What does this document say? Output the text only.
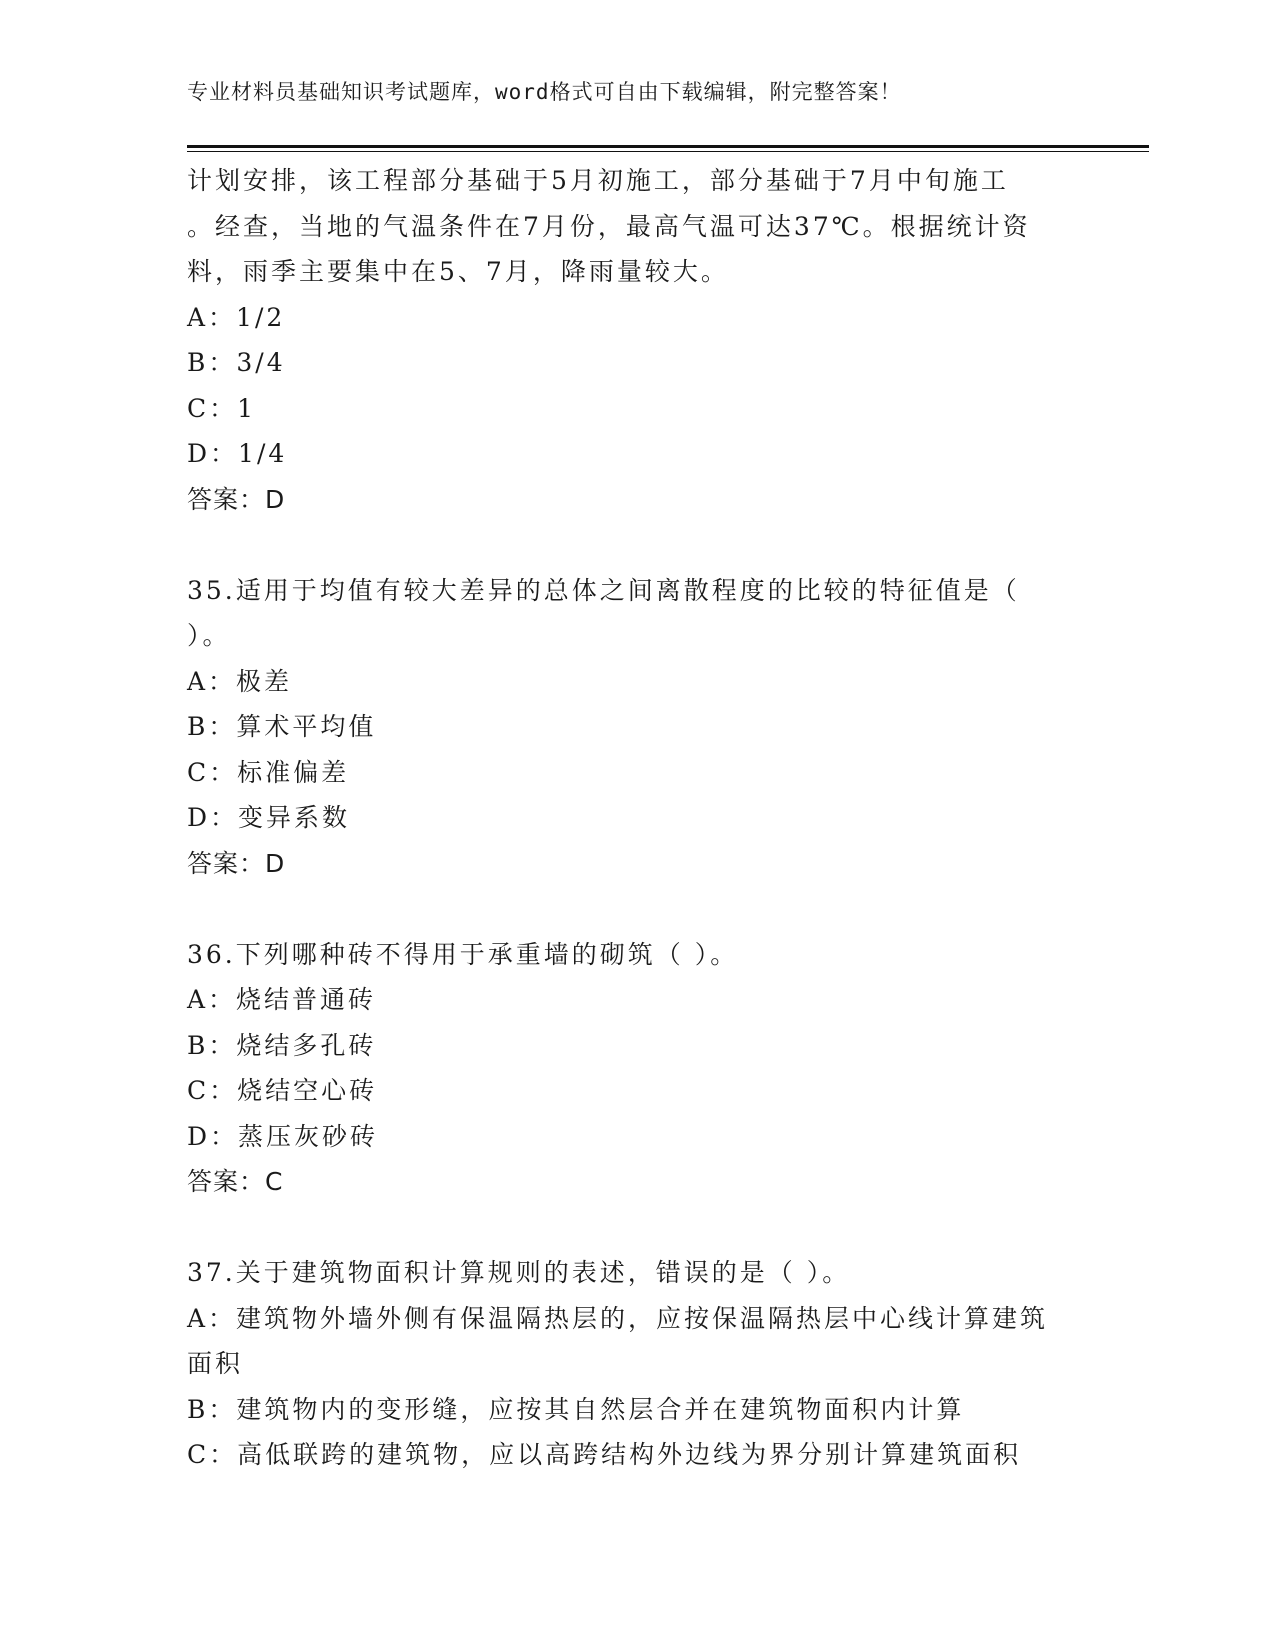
专业材料员基础知识考试题库，word格式可自由下载编辑，附完整答案！
计划安排，该工程部分基础于5月初施工，部分基础于7月中旬施工
。经查，当地的气温条件在7月份，最高气温可达37℃。根据统计资
料，雨季主要集中在5、7月，降雨量较大。
A：1/2
B：3/4
C：1
D：1/4
答案：D
35.适用于均值有较大差异的总体之间离散程度的比较的特征值是（
）。
A：极差
B：算术平均值
C：标准偏差
D：变异系数
答案：D
36.下列哪种砖不得用于承重墙的砌筑（ ）。
A：烧结普通砖
B：烧结多孔砖
C：烧结空心砖
D：蒸压灰砂砖
答案：C
37.关于建筑物面积计算规则的表述，错误的是（ ）。
A：建筑物外墙外侧有保温隔热层的，应按保温隔热层中心线计算建筑
面积
B：建筑物内的变形缝，应按其自然层合并在建筑物面积内计算
C：高低联跨的建筑物，应以高跨结构外边线为界分别计算建筑面积
